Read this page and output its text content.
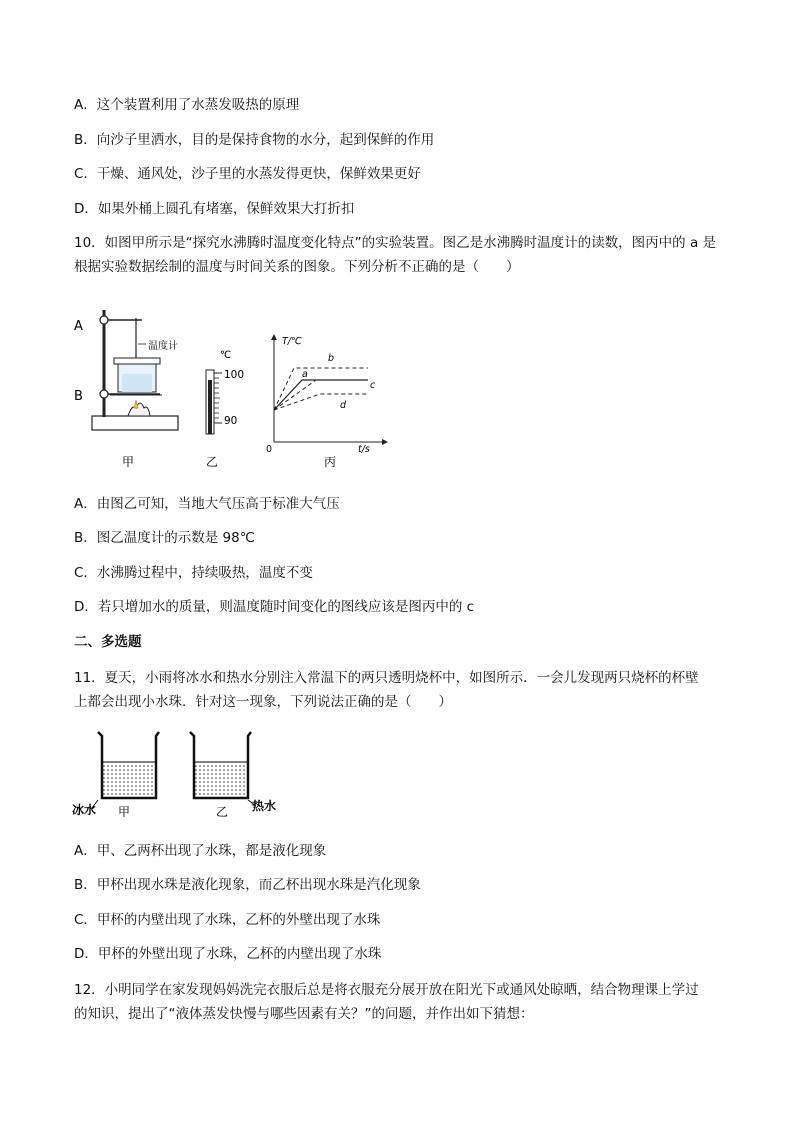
A．这个装置利用了水蒸发吸热的原理
B．向沙子里洒水，目的是保持食物的水分，起到保鲜的作用
C．干燥、通风处，沙子里的水蒸发得更快，保鲜效果更好
D．如果外桶上圆孔有堵塞，保鲜效果大打折扣
10．如图甲所示是“探究水沸腾时温度变化特点”的实验装置。图乙是水沸腾时温度计的读数，图丙中的 a 是
根据实验数据绘制的温度与时间关系的图象。下列分析不正确的是（　　）
A
B
温度计
℃
100
90
T/℃
t/s
0
b
a
c
d
甲	乙	丙
A．由图乙可知，当地大气压高于标准大气压
B．图乙温度计的示数是 98℃
C．水沸腾过程中，持续吸热，温度不变
D．若只增加水的质量，则温度随时间变化的图线应该是图丙中的 c
二、多选题
11．夏天，小雨将冰水和热水分别注入常温下的两只透明烧杯中，如图所示．一会儿发现两只烧杯的杯壁
上都会出现小水珠．针对这一现象，下列说法正确的是（　　）
冰水 甲	乙 热水
A．甲、乙两杯出现了水珠，都是液化现象
B．甲杯出现水珠是液化现象，而乙杯出现水珠是汽化现象
C．甲杯的内壁出现了水珠，乙杯的外壁出现了水珠
D．甲杯的外壁出现了水珠，乙杯的内壁出现了水珠
12．小明同学在家发现妈妈洗完衣服后总是将衣服充分展开放在阳光下或通风处晾晒，结合物理课上学过
的知识，提出了“液体蒸发快慢与哪些因素有关？”的问题，并作出如下猜想：
